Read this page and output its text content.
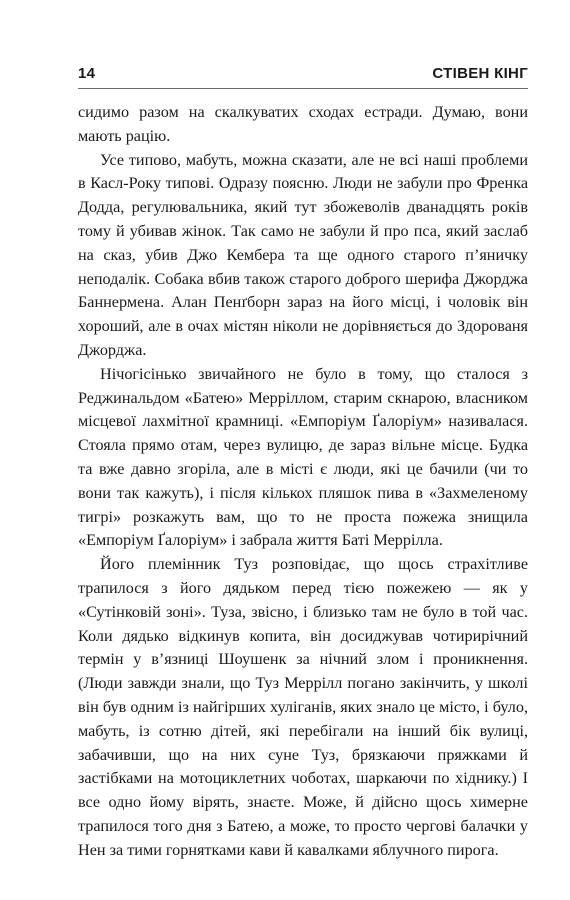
14	СТІВЕН КІНГ

сидимо разом на скалкуватих сходах естради. Думаю, вони мають рацію.

Усе типово, мабуть, можна сказати, але не всі наші проблеми в Касл-Року типові. Одразу поясню. Люди не забули про Френка Додда, регулювальника, який тут збожеволів дванадцять років тому й убивав жінок. Так само не забули й про пса, який заслаб на сказ, убив Джо Кембера та ще одного старого п’яничку неподалік. Собака вбив також старого доброго шерифа Джорджа Баннермена. Алан Пенґборн зараз на його місці, і чоловік він хороший, але в очах містян ніколи не дорівняється до Здорованя Джорджа.

Нічогісінько звичайного не було в тому, що сталося з Реджинальдом «Батею» Мерріллом, старим скнарою, власником місцевої лахмітної крамниці. «Емпоріум Ґалоріум» називалася. Стояла прямо отам, через вулицю, де зараз вільне місце. Будка та вже давно згоріла, але в місті є люди, які це бачили (чи то вони так кажуть), і після кількох пляшок пива в «Захмеленому тигрі» розкажуть вам, що то не проста пожежа знищила «Емпоріум Ґалоріум» і забрала життя Баті Меррілла.

Його племінник Туз розповідає, що щось страхітливе трапилося з його дядьком перед тією пожежею — як у «Сутінковій зоні». Туза, звісно, і близько там не було в той час. Коли дядько відкинув копита, він досиджував чотирирічний термін у в’язниці Шоушенк за нічний злом і проникнення. (Люди завжди знали, що Туз Меррілл погано закінчить, у школі він був одним із найгірших хуліганів, яких знало це місто, і було, мабуть, із сотню дітей, які перебігали на інший бік вулиці, забачивши, що на них суне Туз, брязкаючи пряжками й застібками на мотоциклетних чоботах, шаркаючи по хіднику.) І все одно йому вірять, знаєте. Може, й дійсно щось химерне трапилося того дня з Батею, а може, то просто чергові балачки у Нен за тими горнятками кави й кавалками яблучного пирога.
